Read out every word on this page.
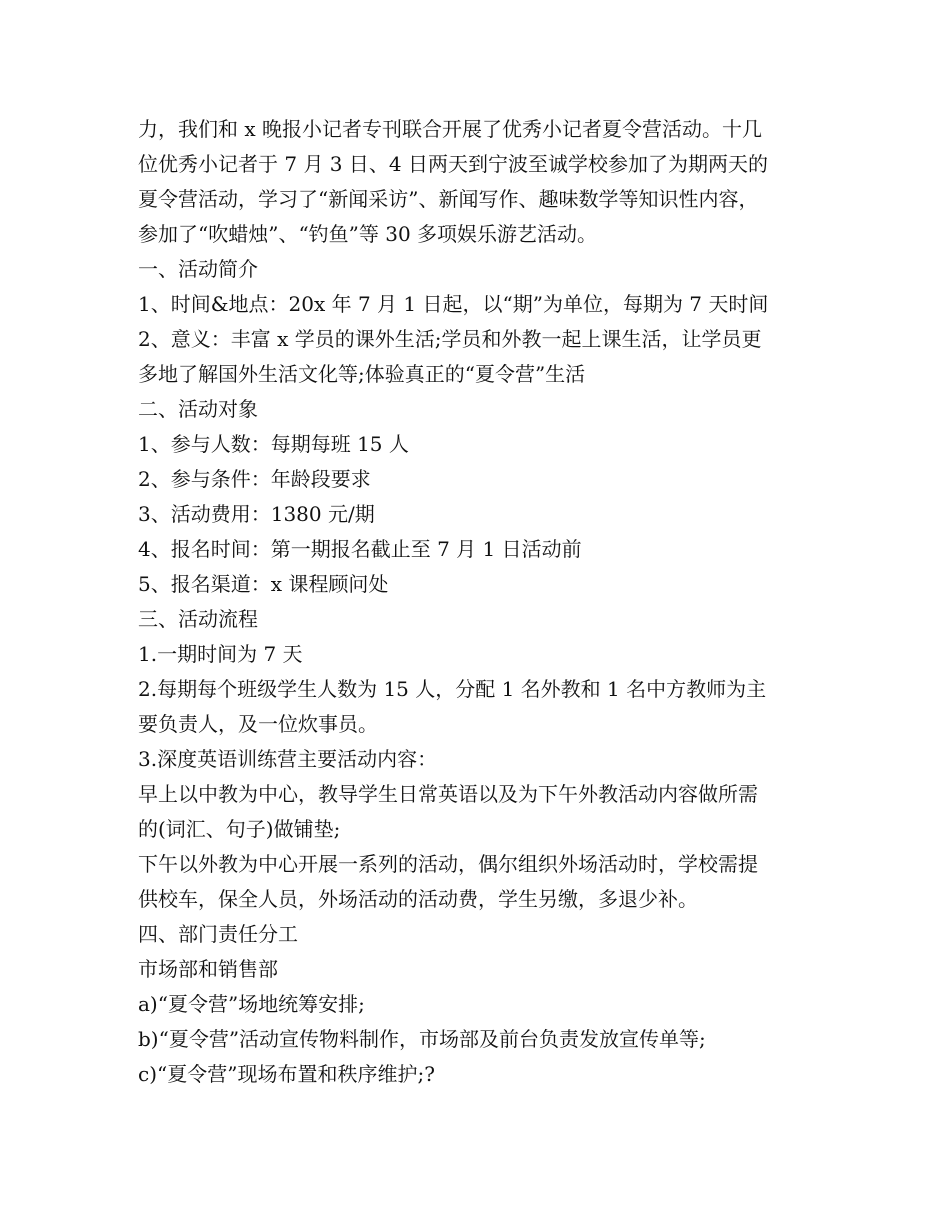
力，我们和 x 晚报小记者专刊联合开展了优秀小记者夏令营活动。十几
位优秀小记者于 7 月 3 日、4 日两天到宁波至诚学校参加了为期两天的
夏令营活动，学习了“新闻采访”、新闻写作、趣味数学等知识性内容，
参加了“吹蜡烛”、“钓鱼”等 30 多项娱乐游艺活动。
一、活动简介
1、时间&地点：20x 年 7 月 1 日起，以“期”为单位，每期为 7 天时间
2、意义：丰富 x 学员的课外生活;学员和外教一起上课生活，让学员更
多地了解国外生活文化等;体验真正的“夏令营”生活
二、活动对象
1、参与人数：每期每班 15 人
2、参与条件：年龄段要求
3、活动费用：1380 元/期
4、报名时间：第一期报名截止至 7 月 1 日活动前
5、报名渠道：x 课程顾问处
三、活动流程
1.一期时间为 7 天
2.每期每个班级学生人数为 15 人，分配 1 名外教和 1 名中方教师为主
要负责人，及一位炊事员。
3.深度英语训练营主要活动内容：
早上以中教为中心，教导学生日常英语以及为下午外教活动内容做所需
的(词汇、句子)做铺垫;
下午以外教为中心开展一系列的活动，偶尔组织外场活动时，学校需提
供校车，保全人员，外场活动的活动费，学生另缴，多退少补。
四、部门责任分工
市场部和销售部
a)“夏令营”场地统筹安排;
b)“夏令营”活动宣传物料制作，市场部及前台负责发放宣传单等;
c)“夏令营”现场布置和秩序维护;?
